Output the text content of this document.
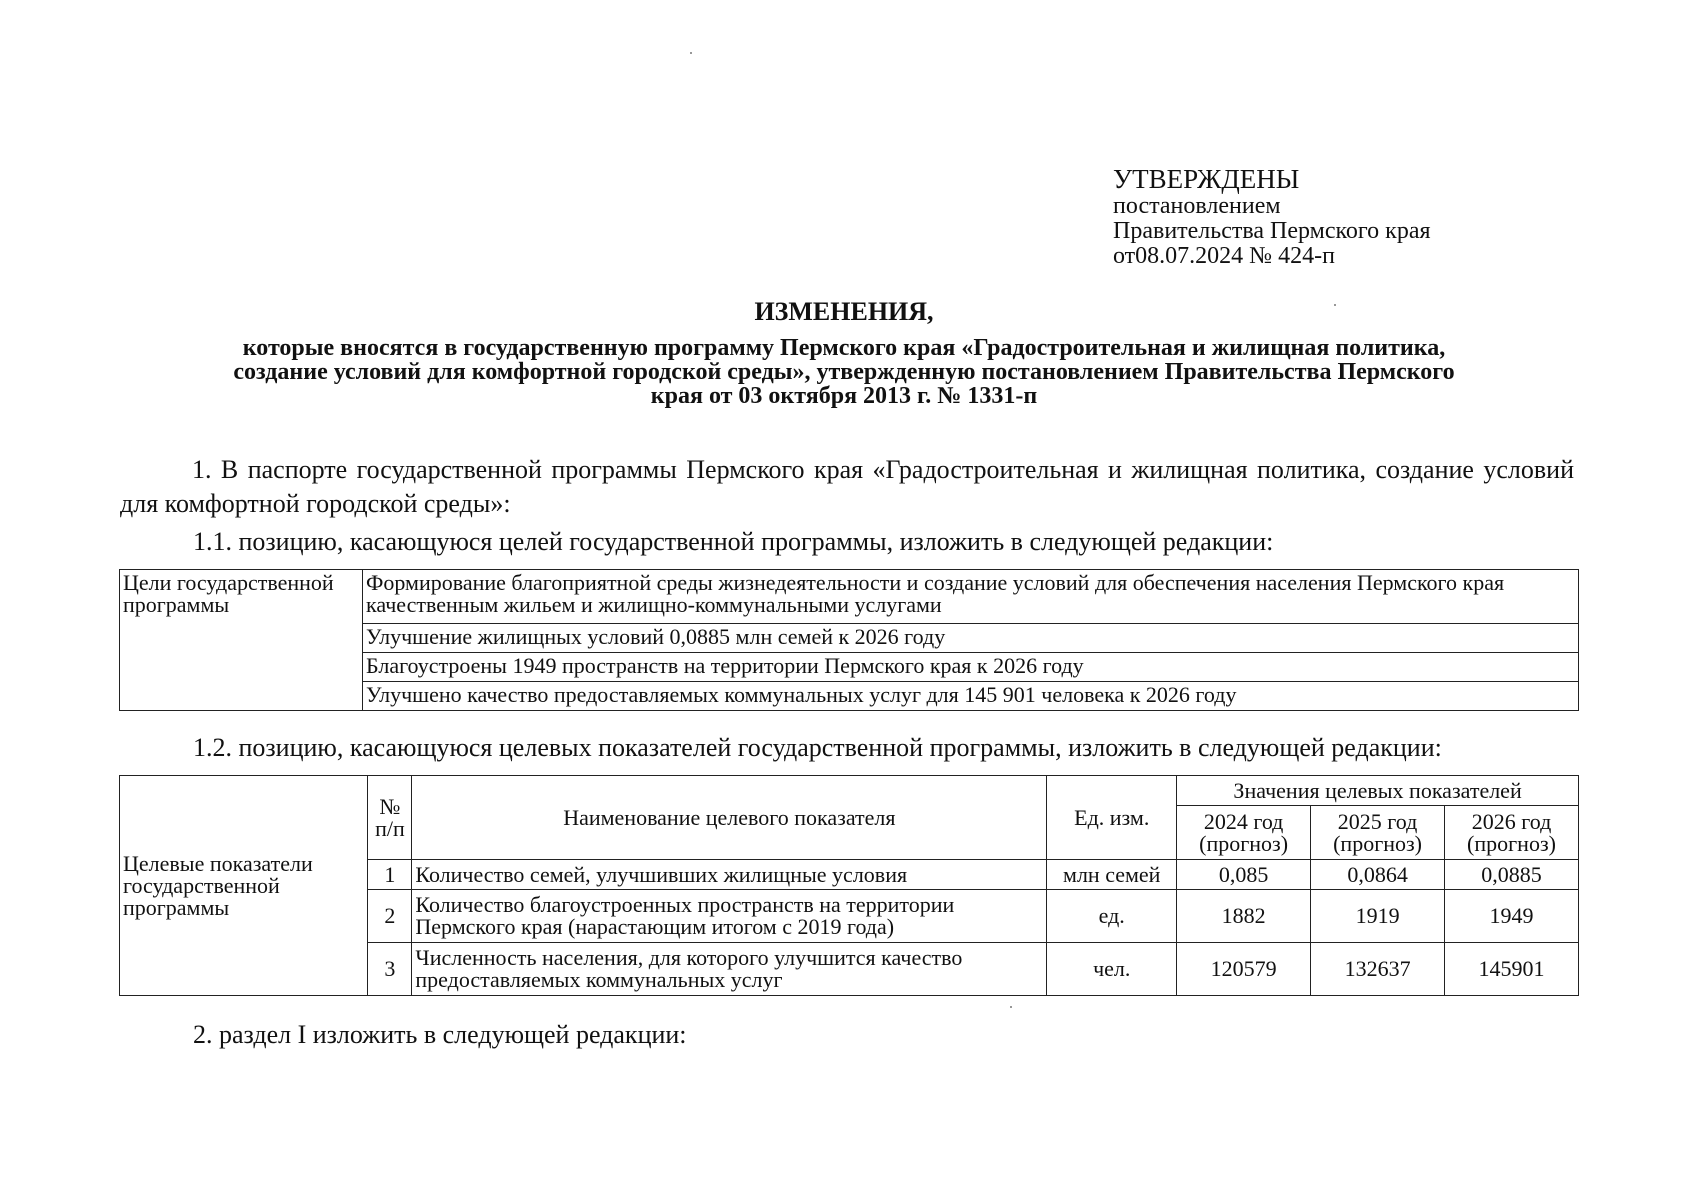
УТВЕРЖДЕНЫ
постановлением
Правительства Пермского края
от08.07.2024 № 424-п
ИЗМЕНЕНИЯ,
которые вносятся в государственную программу Пермского края «Градостроительная и жилищная политика,
создание условий для комфортной городской среды», утвержденную постановлением Правительства Пермского
края от 03 октября 2013 г. № 1331-п
1. В паспорте государственной программы Пермского края «Градостроительная и жилищная политика, создание условий для комфортной городской среды»:
1.1. позицию, касающуюся целей государственной программы, изложить в следующей редакции:
Цели государственной программы	Формирование благоприятной среды жизнедеятельности и создание условий для обеспечения населения Пермского края качественным жильем и жилищно-коммунальными услугами
Улучшение жилищных условий 0,0885 млн семей к 2026 году
Благоустроены 1949 пространств на территории Пермского края к 2026 году
Улучшено качество предоставляемых коммунальных услуг для 145 901 человека к 2026 году
1.2. позицию, касающуюся целевых показателей государственной программы, изложить в следующей редакции:
Целевые показатели государственной программы	№ п/п	Наименование целевого показателя	Ед. изм.	Значения целевых показателей		
				2024 год (прогноз)	2025 год (прогноз)	2026 год (прогноз)
	1	Количество семей, улучшивших жилищные условия	млн семей	0,085	0,0864	0,0885
	2	Количество благоустроенных пространств на территории Пермского края (нарастающим итогом с 2019 года)	ед.	1882	1919	1949
	3	Численность населения, для которого улучшится качество предоставляемых коммунальных услуг	чел.	120579	132637	145901
2. раздел I изложить в следующей редакции:
